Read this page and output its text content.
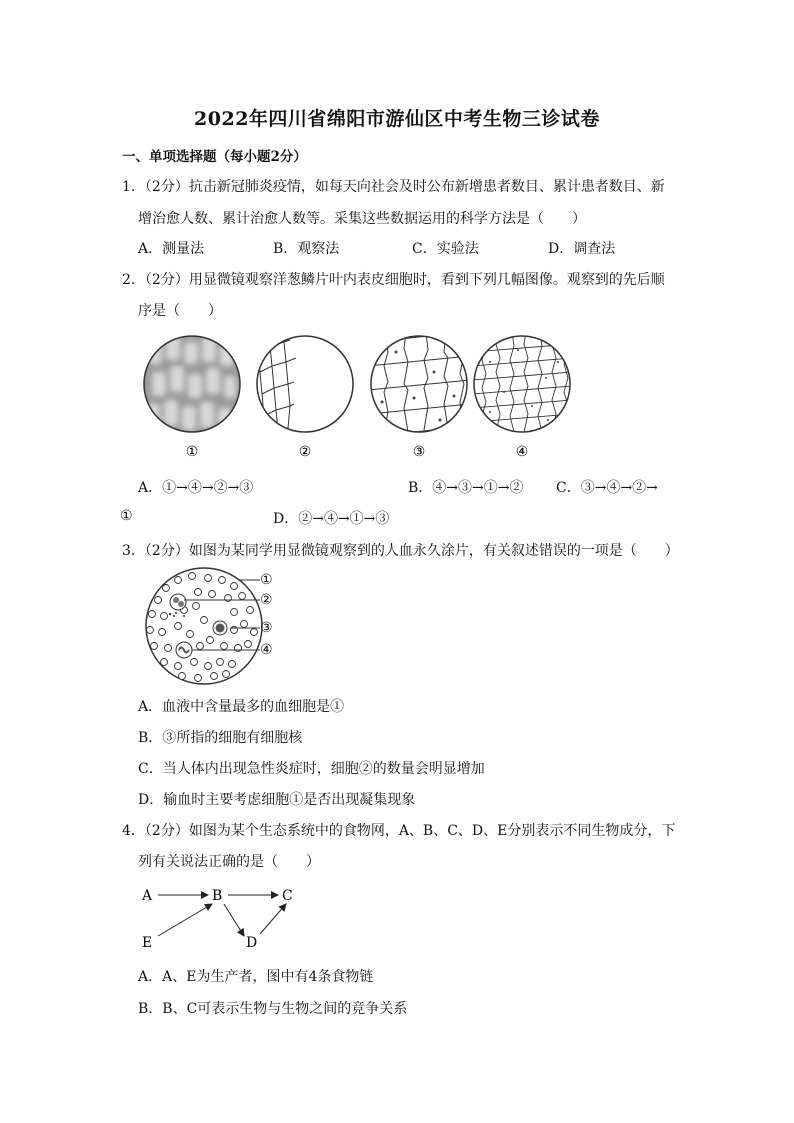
2022年四川省绵阳市游仙区中考生物三诊试卷
一、单项选择题（每小题2分）
1．（2分）抗击新冠肺炎疫情，如每天向社会及时公布新增患者数目、累计患者数目、新
增治愈人数、累计治愈人数等。采集这些数据运用的科学方法是（　　）
A．测量法	B．观察法	C．实验法	D．调查法
2．（2分）用显微镜观察洋葱鳞片叶内表皮细胞时，看到下列几幅图像。观察到的先后顺
序是（　　）
①	②	③	④
A．①→④→②→③	B．④→③→①→② C．③→④→②→
①	D．②→④→①→③
3．（2分）如图为某同学用显微镜观察到的人血永久涂片，有关叙述错误的一项是（　　）
①
②
③
④
A．血液中含量最多的血细胞是①
B．③所指的细胞有细胞核
C．当人体内出现急性炎症时，细胞②的数量会明显增加
D．输血时主要考虑细胞①是否出现凝集现象
4．（2分）如图为某个生态系统中的食物网，A、B、C、D、E分别表示不同生物成分，下
列有关说法正确的是（　　）
A	B	C
D
E
A．A、E为生产者，图中有4条食物链
B．B、C可表示生物与生物之间的竞争关系
